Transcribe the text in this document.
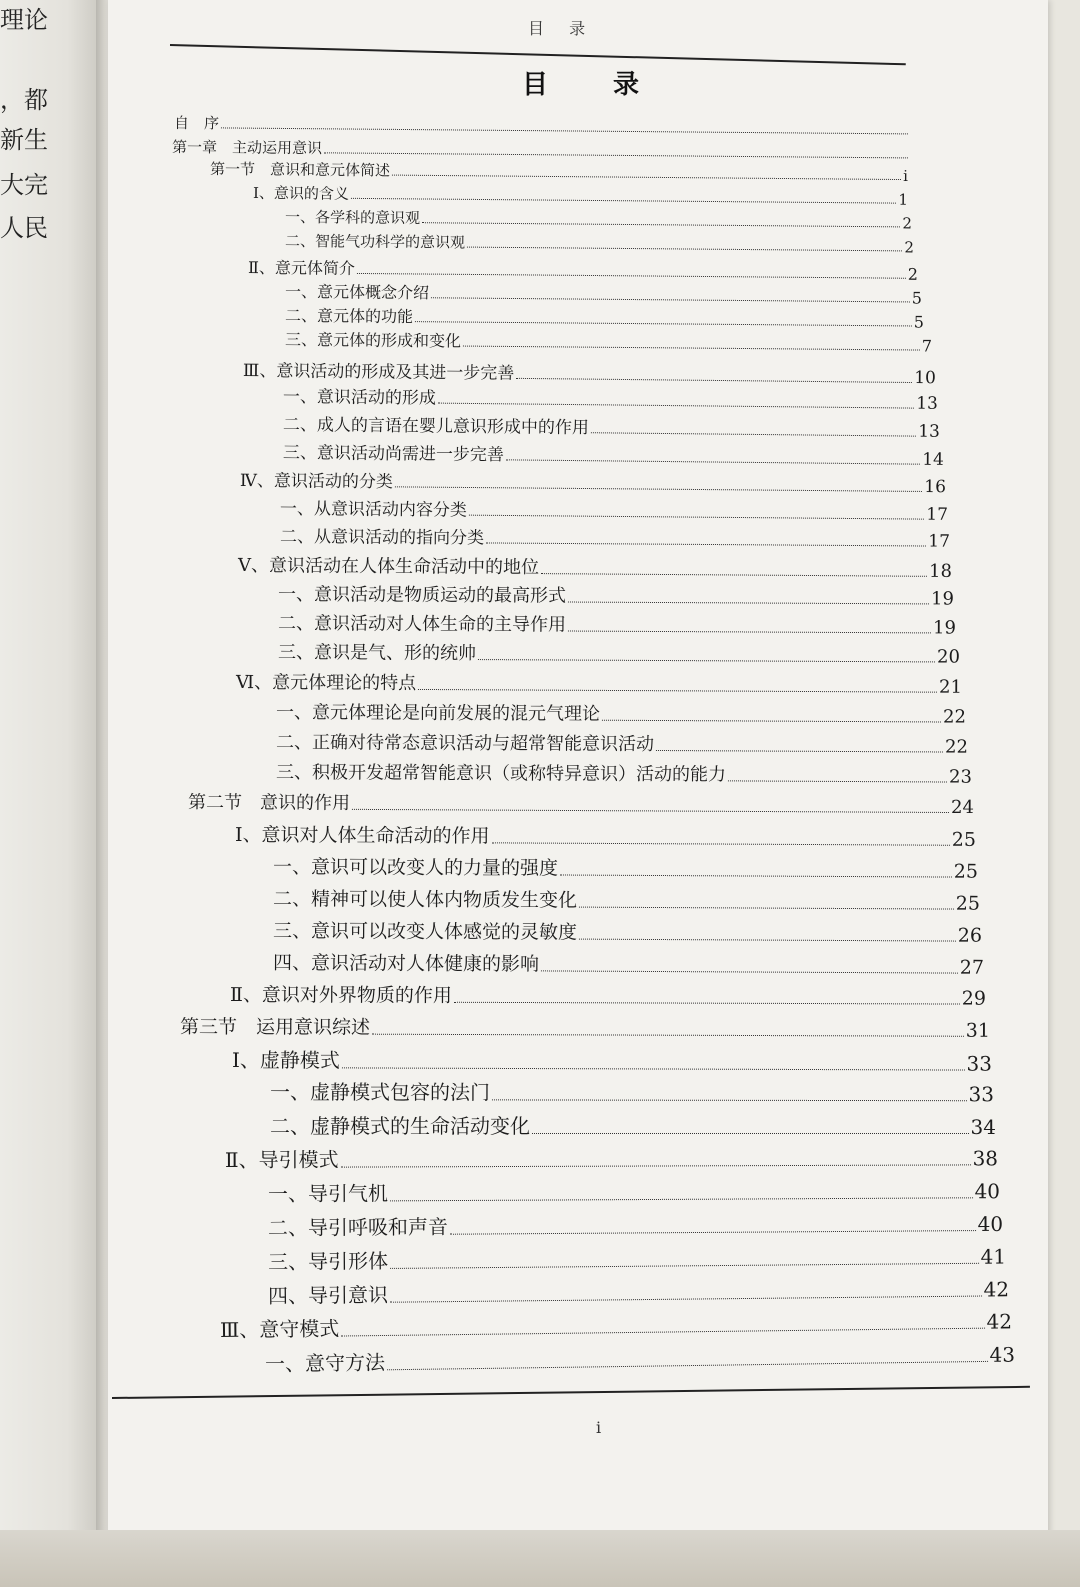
理论
，都
新生
大完
人民
目 录
目 录
自　序
第一章　主动运用意识
第一节　意识和意元体简述	i
Ⅰ、意识的含义	1
一、各学科的意识观	2
二、智能气功科学的意识观	2
Ⅱ、意元体简介	2
一、意元体概念介绍	5
二、意元体的功能	5
三、意元体的形成和变化	7
Ⅲ、意识活动的形成及其进一步完善	10
一、意识活动的形成	13
二、成人的言语在婴儿意识形成中的作用	13
三、意识活动尚需进一步完善	14
Ⅳ、意识活动的分类	16
一、从意识活动内容分类	17
二、从意识活动的指向分类	17
Ⅴ、意识活动在人体生命活动中的地位	18
一、意识活动是物质运动的最高形式	19
二、意识活动对人体生命的主导作用	19
三、意识是气、形的统帅	20
Ⅵ、意元体理论的特点	21
一、意元体理论是向前发展的混元气理论	22
二、正确对待常态意识活动与超常智能意识活动	22
三、积极开发超常智能意识（或称特异意识）活动的能力	23
第二节　意识的作用	24
Ⅰ、意识对人体生命活动的作用	25
一、意识可以改变人的力量的强度	25
二、精神可以使人体内物质发生变化	25
三、意识可以改变人体感觉的灵敏度	26
四、意识活动对人体健康的影响	27
Ⅱ、意识对外界物质的作用	29
第三节　运用意识综述	31
Ⅰ、虚静模式	33
一、虚静模式包容的法门	33
二、虚静模式的生命活动变化	34
Ⅱ、导引模式	38
一、导引气机	40
二、导引呼吸和声音	40
三、导引形体	41
四、导引意识	42
Ⅲ、意守模式	42
一、意守方法	43
i
